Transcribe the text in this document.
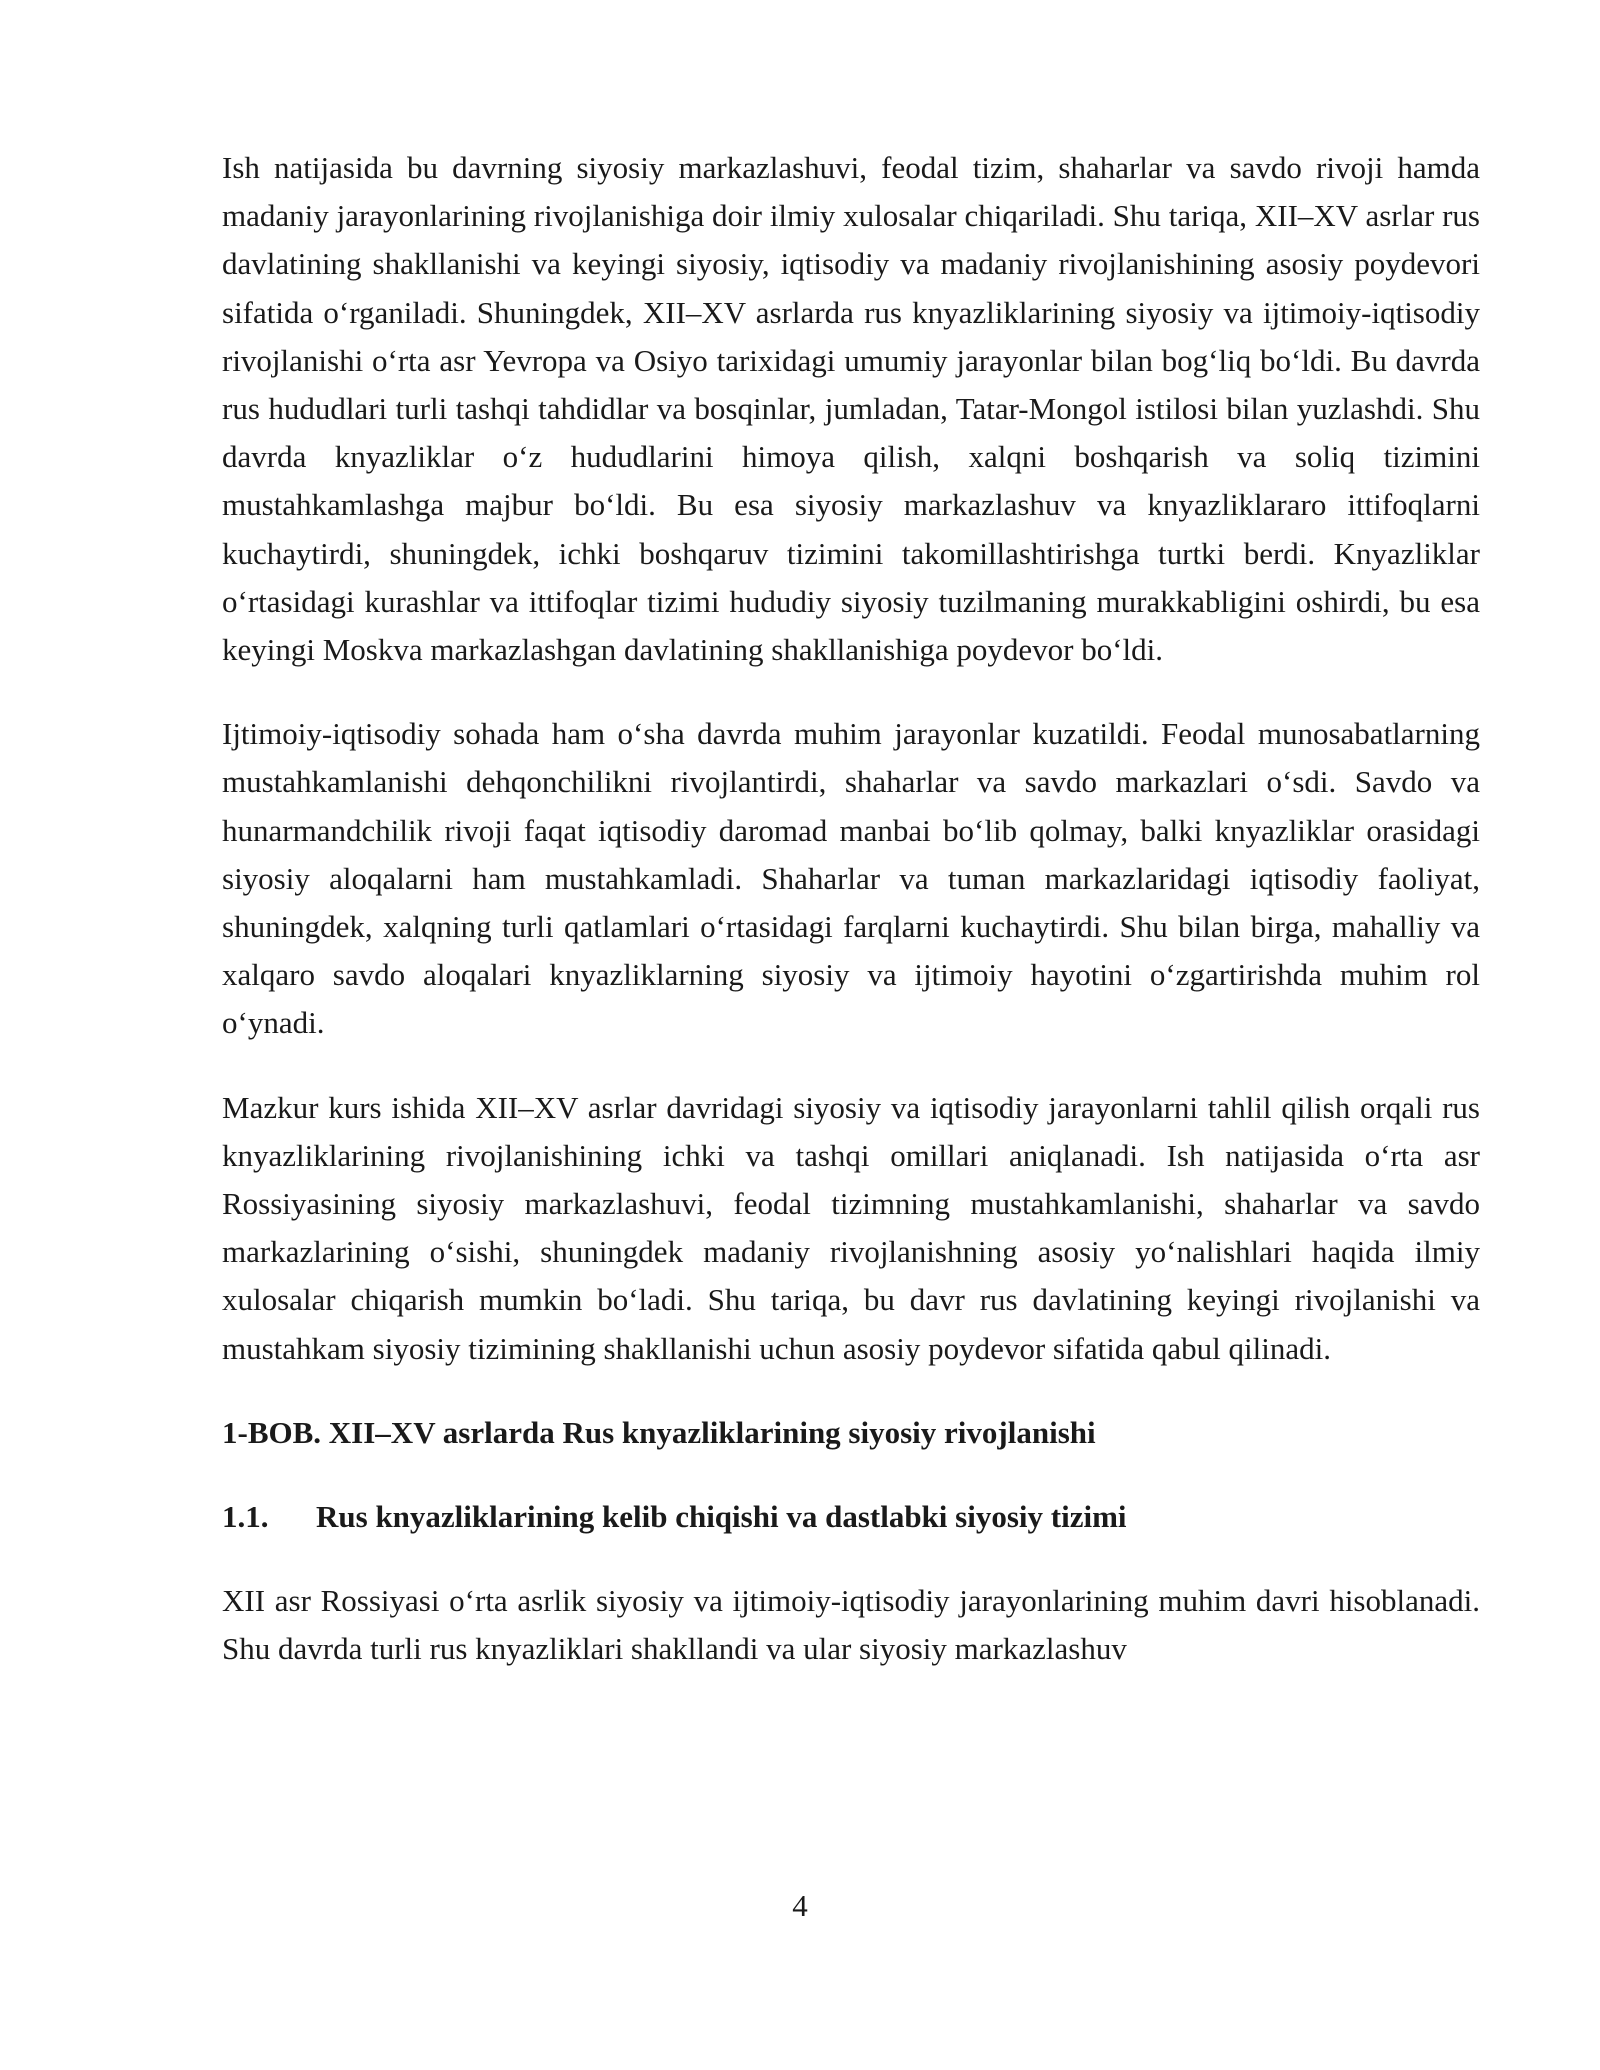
Ish natijasida bu davrning siyosiy markazlashuvi, feodal tizim, shaharlar va savdo rivoji hamda madaniy jarayonlarining rivojlanishiga doir ilmiy xulosalar chiqariladi. Shu tariqa, XII–XV asrlar rus davlatining shakllanishi va keyingi siyosiy, iqtisodiy va madaniy rivojlanishining asosiy poydevori sifatida oʻrganiladi. Shuningdek, XII–XV asrlarda rus knyazliklarining siyosiy va ijtimoiy-iqtisodiy rivojlanishi oʻrta asr Yevropa va Osiyo tarixidagi umumiy jarayonlar bilan bogʻliq boʻldi. Bu davrda rus hududlari turli tashqi tahdidlar va bosqinlar, jumladan, Tatar-Mongol istilosi bilan yuzlashdi. Shu davrda knyazliklar oʻz hududlarini himoya qilish, xalqni boshqarish va soliq tizimini mustahkamlashga majbur boʻldi. Bu esa siyosiy markazlashuv va knyazliklararo ittifoqlarni kuchaytirdi, shuningdek, ichki boshqaruv tizimini takomillashtirishga turtki berdi. Knyazliklar oʻrtasidagi kurashlar va ittifoqlar tizimi hududiy siyosiy tuzilmaning murakkabligini oshirdi, bu esa keyingi Moskva markazlashgan davlatining shakllanishiga poydevor boʻldi.

Ijtimoiy-iqtisodiy sohada ham oʻsha davrda muhim jarayonlar kuzatildi. Feodal munosabatlarning mustahkamlanishi dehqonchilikni rivojlantirdi, shaharlar va savdo markazlari oʻsdi. Savdo va hunarmandchilik rivoji faqat iqtisodiy daromad manbai boʻlib qolmay, balki knyazliklar orasidagi siyosiy aloqalarni ham mustahkamladi. Shaharlar va tuman markazlaridagi iqtisodiy faoliyat, shuningdek, xalqning turli qatlamlari oʻrtasidagi farqlarni kuchaytirdi. Shu bilan birga, mahalliy va xalqaro savdo aloqalari knyazliklarning siyosiy va ijtimoiy hayotini oʻzgartirishda muhim rol oʻynadi.

Mazkur kurs ishida XII–XV asrlar davridagi siyosiy va iqtisodiy jarayonlarni tahlil qilish orqali rus knyazliklarining rivojlanishining ichki va tashqi omillari aniqlanadi. Ish natijasida oʻrta asr Rossiyasining siyosiy markazlashuvi, feodal tizimning mustahkamlanishi, shaharlar va savdo markazlarining oʻsishi, shuningdek madaniy rivojlanishning asosiy yoʻnalishlari haqida ilmiy xulosalar chiqarish mumkin boʻladi. Shu tariqa, bu davr rus davlatining keyingi rivojlanishi va mustahkam siyosiy tizimining shakllanishi uchun asosiy poydevor sifatida qabul qilinadi.

1-BOB. XII–XV asrlarda Rus knyazliklarining siyosiy rivojlanishi
1.1.	Rus knyazliklarining kelib chiqishi va dastlabki siyosiy tizimi

XII asr Rossiyasi oʻrta asrlik siyosiy va ijtimoiy-iqtisodiy jarayonlarining muhim davri hisoblanadi. Shu davrda turli rus knyazliklari shakllandi va ular siyosiy markazlashuv

4
